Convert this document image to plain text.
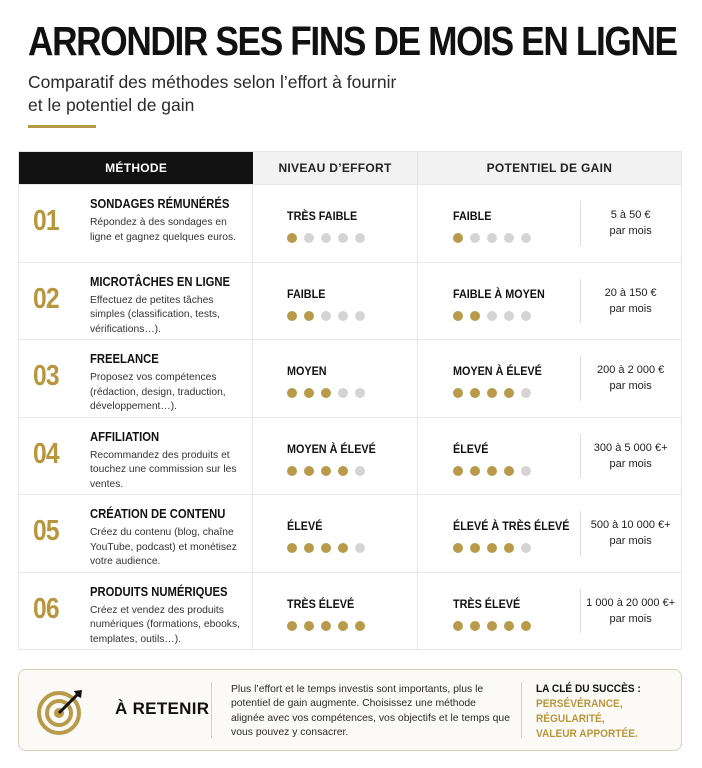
ARRONDIR SES FINS DE MOIS EN LIGNE
Comparatif des méthodes selon l’effort à fournir
et le potentiel de gain
MÉTHODE	NIVEAU D’EFFORT	POTENTIEL DE GAIN
01
SONDAGES RÉMUNÉRÉS
Répondez à des sondages en ligne et gagnez quelques euros.
TRÈS FAIBLE	FAIBLE	5 à 50 €
par mois
02
MICROTÂCHES EN LIGNE
Effectuez de petites tâches simples (classification, tests, vérifications…).
FAIBLE	FAIBLE À MOYEN	20 à 150 €
par mois
03
FREELANCE
Proposez vos compétences (rédaction, design, traduction, développement…).
MOYEN	MOYEN À ÉLEVÉ	200 à 2 000 €
par mois
04
AFFILIATION
Recommandez des produits et touchez une commission sur les ventes.
MOYEN À ÉLEVÉ	ÉLEVÉ	300 à 5 000 €+
par mois
05
CRÉATION DE CONTENU
Créez du contenu (blog, chaîne YouTube, podcast) et monétisez votre audience.
ÉLEVÉ	ÉLEVÉ À TRÈS ÉLEVÉ 500 à 10 000 €+
par mois
06
PRODUITS NUMÉRIQUES
Créez et vendez des produits numériques (formations, ebooks, templates, outils…).
TRÈS ÉLEVÉ	TRÈS ÉLEVÉ	1 000 à 20 000 €+
par mois
À RETENIR
Plus l’effort et le temps investis sont importants, plus le potentiel de gain augmente. Choisissez une méthode alignée avec vos compétences, vos objectifs et le temps que vous pouvez y consacrer.
LA CLÉ DU SUCCÈS :
PERSÉVÉRANCE,
RÉGULARITÉ,
VALEUR APPORTÉE.
